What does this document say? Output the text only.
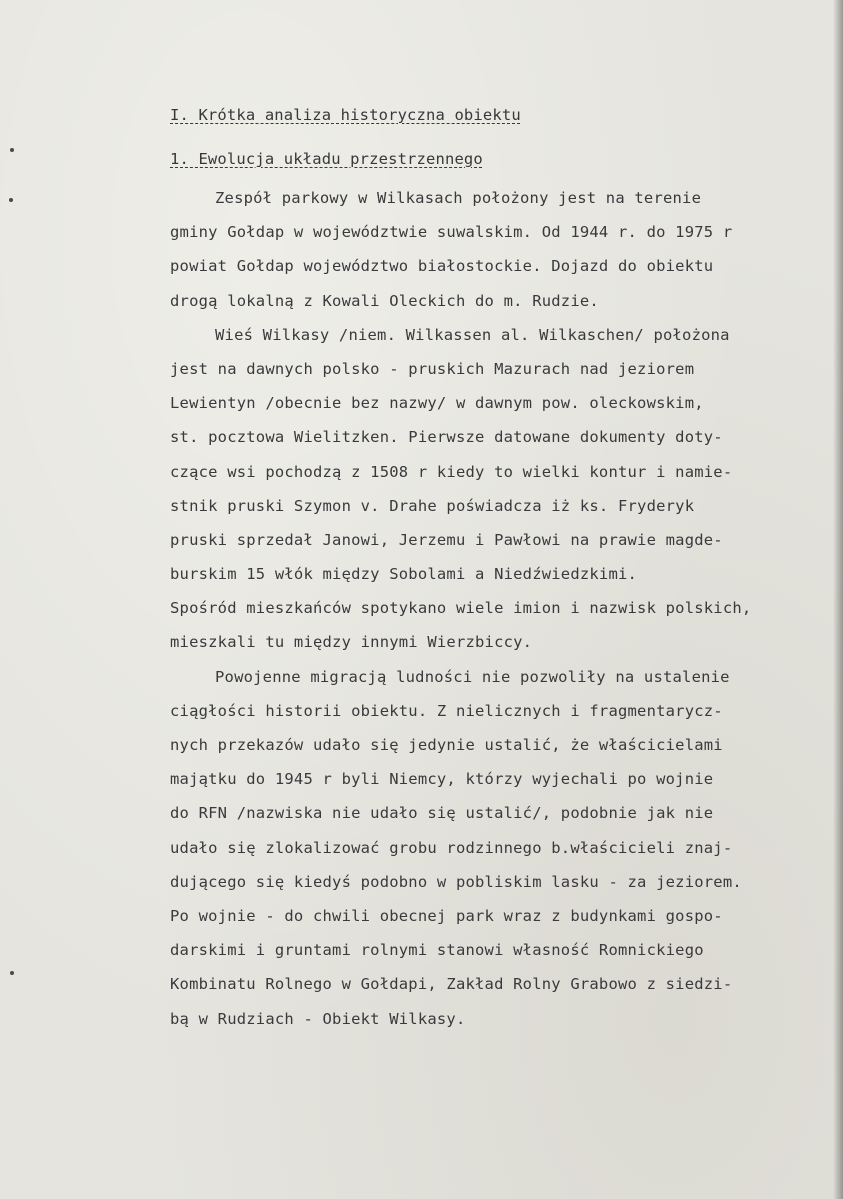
I. Krótka analiza historyczna obiektu
1. Ewolucja układu przestrzennego

Zespół parkowy w Wilkasach położony jest na terenie
gminy Gołdap w województwie suwalskim. Od 1944 r. do 1975 r
powiat Gołdap województwo białostockie. Dojazd do obiektu
drogą lokalną z Kowali Oleckich do m. Rudzie.

Wieś Wilkasy /niem. Wilkassen al. Wilkaschen/ położona
jest na dawnych polsko - pruskich Mazurach nad jeziorem
Lewientyn /obecnie bez nazwy/ w dawnym pow. oleckowskim,
st. pocztowa Wielitzken. Pierwsze datowane dokumenty doty-
czące wsi pochodzą z 1508 r kiedy to wielki kontur i namie-
stnik pruski Szymon v. Drahe poświadcza iż ks. Fryderyk
pruski sprzedał Janowi, Jerzemu i Pawłowi na prawie magde-
burskim 15 włók między Sobolami a Niedźwiedzkimi.
Spośród mieszkańców spotykano wiele imion i nazwisk polskich,
mieszkali tu między innymi Wierzbiccy.

Powojenne migracją ludności nie pozwoliły na ustalenie
ciągłości historii obiektu. Z nielicznych i fragmentarycz-
nych przekazów udało się jedynie ustalić, że właścicielami
majątku do 1945 r byli Niemcy, którzy wyjechali po wojnie
do RFN /nazwiska nie udało się ustalić/, podobnie jak nie
udało się zlokalizować grobu rodzinnego b.właścicieli znaj-
dującego się kiedyś podobno w pobliskim lasku - za jeziorem.
Po wojnie - do chwili obecnej park wraz z budynkami gospo-
darskimi i gruntami rolnymi stanowi własność Romnickiego
Kombinatu Rolnego w Gołdapi, Zakład Rolny Grabowo z siedzi-
bą w Rudziach - Obiekt Wilkasy.
